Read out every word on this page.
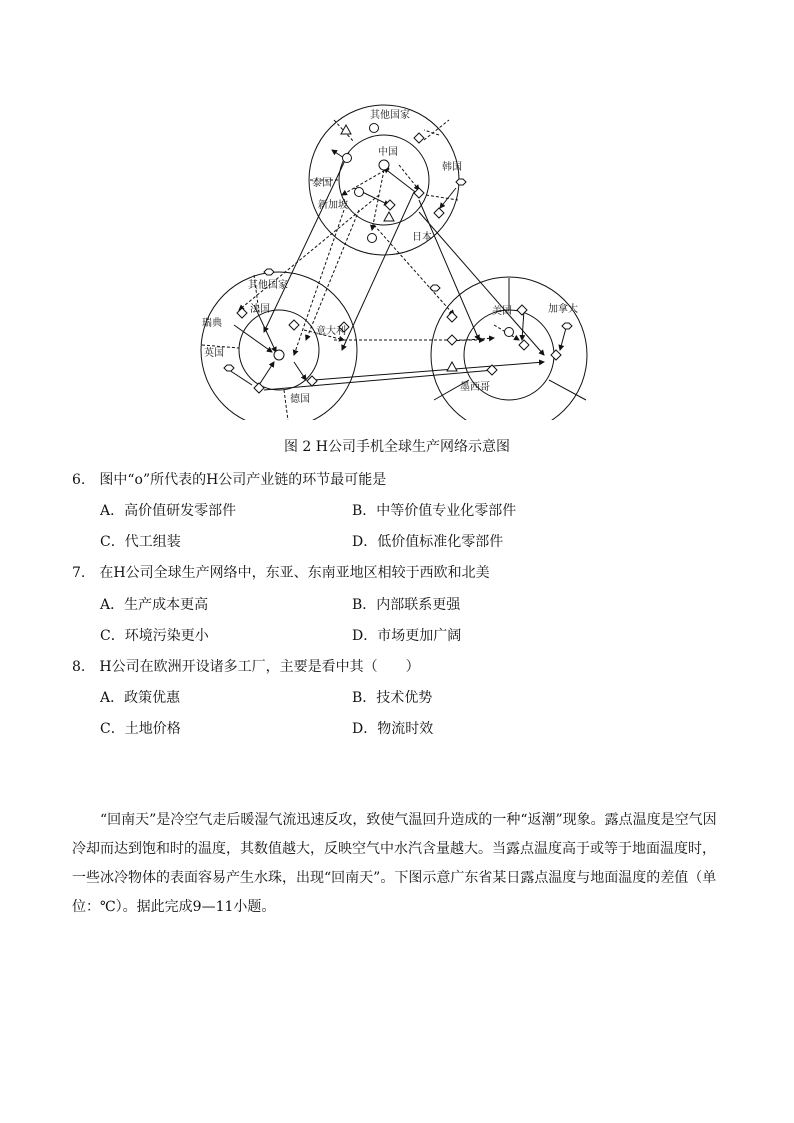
其他国家
中国
韩国
泰国
新加坡
日本
其他国家
法国
瑞典
意大利
英国
德国
美国	加拿大
墨西哥
图 2 H公司手机全球生产网络示意图
6.　图中“o”所代表的H公司产业链的环节最可能是
A．高价值研发零部件	B．中等价值专业化零部件
C．代工组装	D．低价值标准化零部件
7.　在H公司全球生产网络中，东亚、东南亚地区相较于西欧和北美
A．生产成本更高	B．内部联系更强
C．环境污染更小	D．市场更加广阔
8.　H公司在欧洲开设诸多工厂，主要是看中其（　　）
A．政策优惠	B．技术优势
C．土地价格	D．物流时效

“回南天”是冷空气走后暖湿气流迅速反攻，致使气温回升造成的一种“返潮”现象。露点温度是空气因冷却而达到饱和时的温度，其数值越大，反映空气中水汽含量越大。当露点温度高于或等于地面温度时，一些冰冷物体的表面容易产生水珠，出现“回南天”。下图示意广东省某日露点温度与地面温度的差值（单位：℃）。据此完成9—11小题。
